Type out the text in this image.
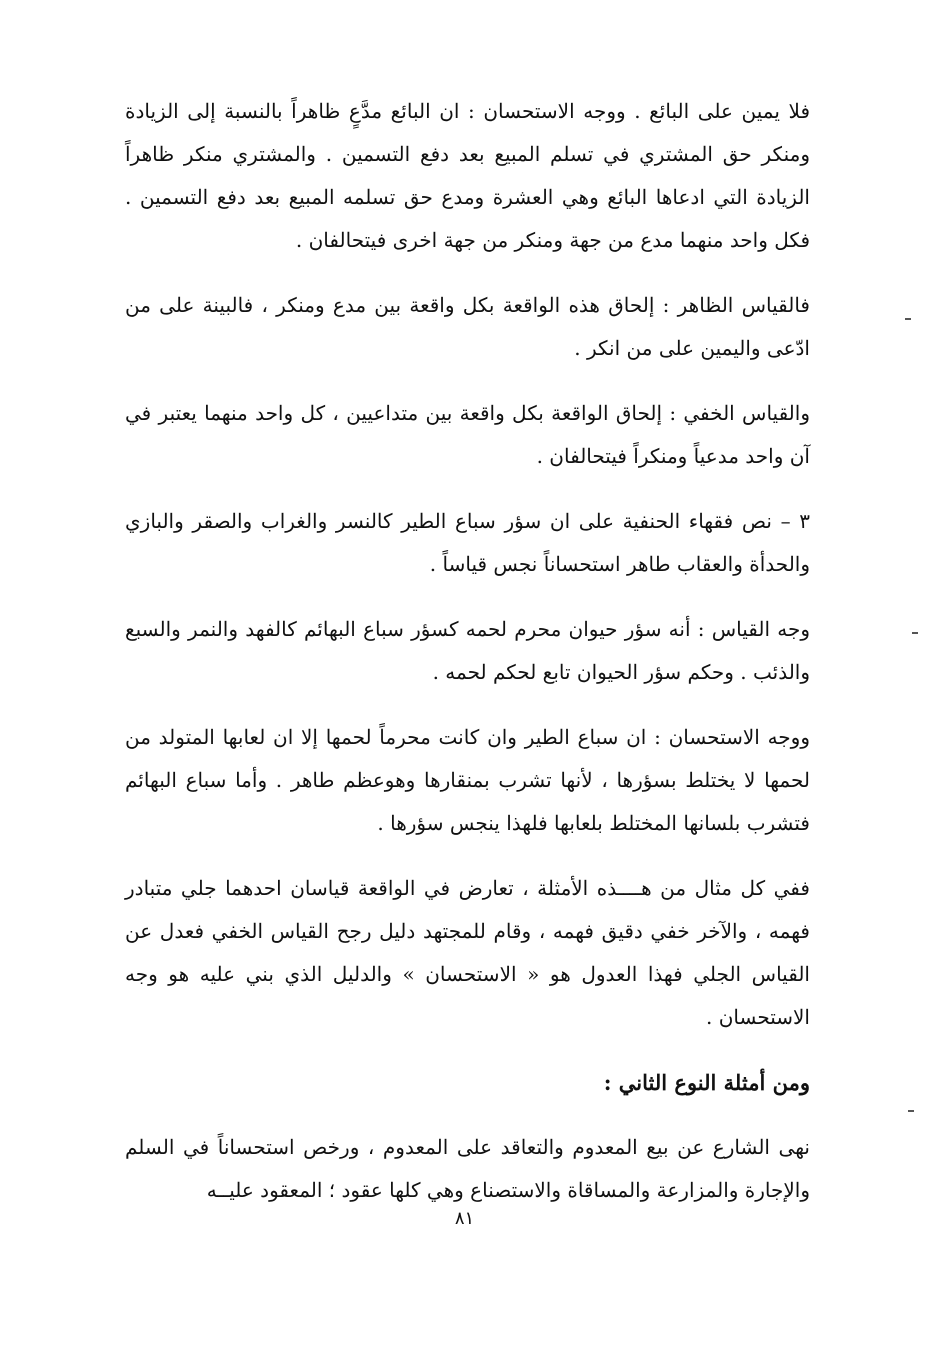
فلا يمين على البائع . ووجه الاستحسان : ان البائع مدَّعٍ ظاهراً بالنسبة إلى الزيادة ومنكر حق المشتري في تسلم المبيع بعد دفع التسمين . والمشتري منكر ظاهراً الزيادة التي ادعاها البائع وهي العشرة ومدع حق تسلمه المبيع بعد دفع التسمين . فكل واحد منهما مدع من جهة ومنكر من جهة اخرى فيتحالفان .

فالقياس الظاهر : إلحاق هذه الواقعة بكل واقعة بين مدع ومنكر ، فالبينة على من ادّعى واليمين على من انكر .

والقياس الخفي : إلحاق الواقعة بكل واقعة بين متداعيين ، كل واحد منهما يعتبر في آن واحد مدعياً ومنكراً فيتحالفان .

٣ – نص فقهاء الحنفية على ان سؤر سباع الطير كالنسر والغراب والصقر والبازي والحدأة والعقاب طاهر استحساناً نجس قياساً .

وجه القياس : أنه سؤر حيوان محرم لحمه كسؤر سباع البهائم كالفهد والنمر والسبع والذئب . وحكم سؤر الحيوان تابع لحكم لحمه .

ووجه الاستحسان : ان سباع الطير وان كانت محرماً لحمها إلا ان لعابها المتولد من لحمها لا يختلط بسؤرها ، لأنها تشرب بمنقارها وهوعظم طاهر . وأما سباع البهائم فتشرب بلسانها المختلط بلعابها فلهذا ينجس سؤرها .

ففي كل مثال من هــــذه الأمثلة ، تعارض في الواقعة قياسان احدهما جلي متبادر فهمه ، والآخر خفي دقيق فهمه ، وقام للمجتهد دليل رجح القياس الخفي فعدل عن القياس الجلي فهذا العدول هو « الاستحسان » والدليل الذي بني عليه هو وجه الاستحسان .

ومن أمثلة النوع الثاني :

نهى الشارع عن بيع المعدوم والتعاقد على المعدوم ، ورخص استحساناً في السلم والإجارة والمزارعة والمساقاة والاستصناع وهي كلها عقود ؛ المعقود عليــه

٨١
